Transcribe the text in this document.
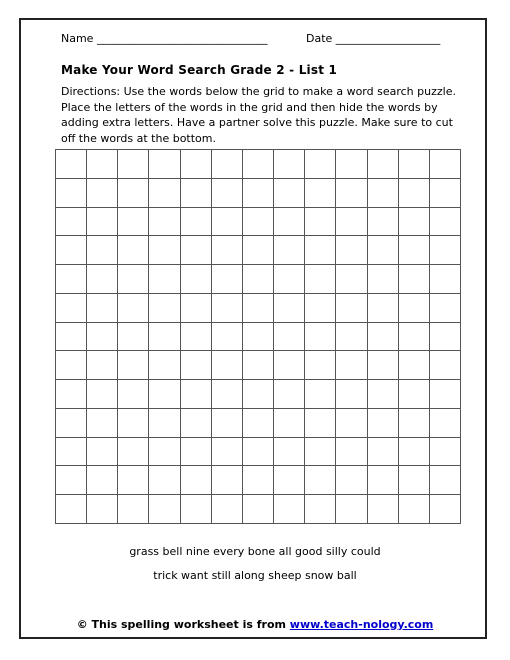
Name _______________________________	Date ___________________
Make Your Word Search Grade 2 - List 1
Directions: Use the words below the grid to make a word search puzzle. Place the letters of the words in the grid and then hide the words by adding extra letters. Have a partner solve this puzzle. Make sure to cut off the words at the bottom.
grass bell nine every bone all good silly could
trick want still along sheep snow ball
© This spelling worksheet is from www.teach-nology.com
